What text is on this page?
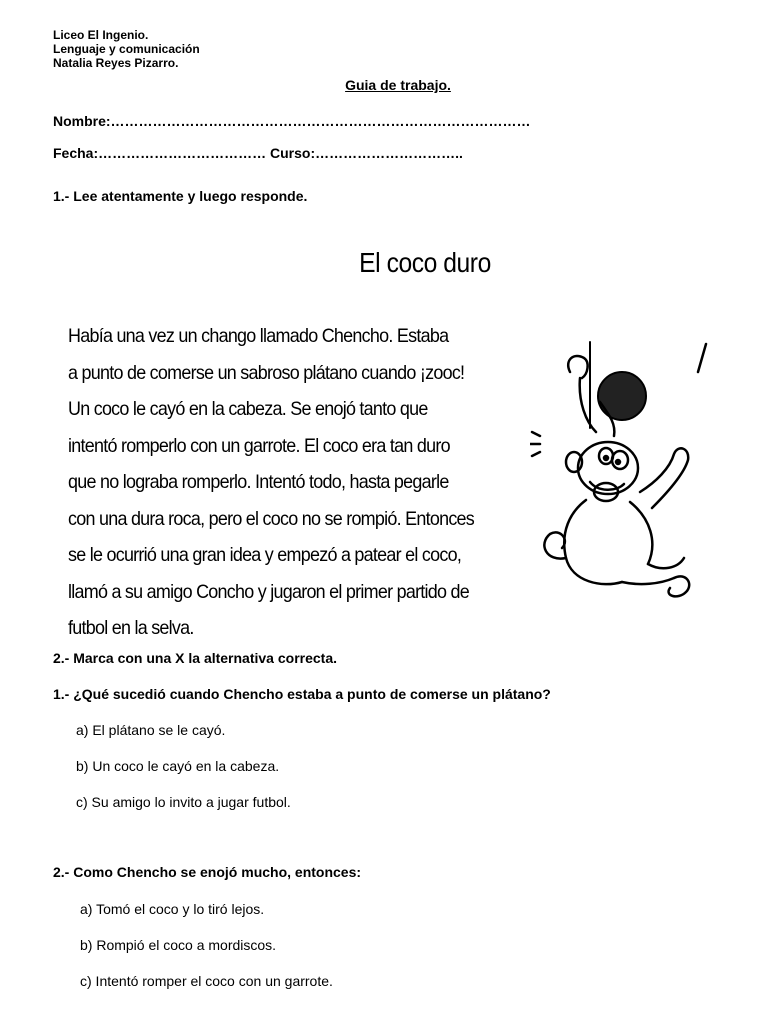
Liceo El Ingenio.
Lenguaje y comunicación
Natalia Reyes Pizarro.
Guia de trabajo.
Nombre:………………………………………………………………………………
Fecha:……………………………… Curso:…………………………..
1.- Lee atentamente y luego responde.
El coco duro
Había una vez un chango llamado Chencho. Estaba
a punto de comerse un sabroso plátano cuando ¡zooc!
Un coco le cayó en la cabeza. Se enojó tanto que
intentó romperlo con un garrote. El coco era tan duro
que no lograba romperlo. Intentó todo, hasta pegarle
con una dura roca, pero el coco no se rompió. Entonces
se le ocurrió una gran idea y empezó a patear el coco,
llamó a su amigo Concho y jugaron el primer partido de
futbol en la selva.
2.- Marca con una X la alternativa correcta.
1.- ¿Qué sucedió cuando Chencho estaba a punto de comerse un plátano?
a) El plátano se le cayó.
b) Un coco le cayó en la cabeza.
c) Su amigo lo invito a jugar futbol.
2.- Como Chencho se enojó mucho, entonces:
a) Tomó el coco y lo tiró lejos.
b) Rompió el coco a mordiscos.
c) Intentó romper el coco con un garrote.
